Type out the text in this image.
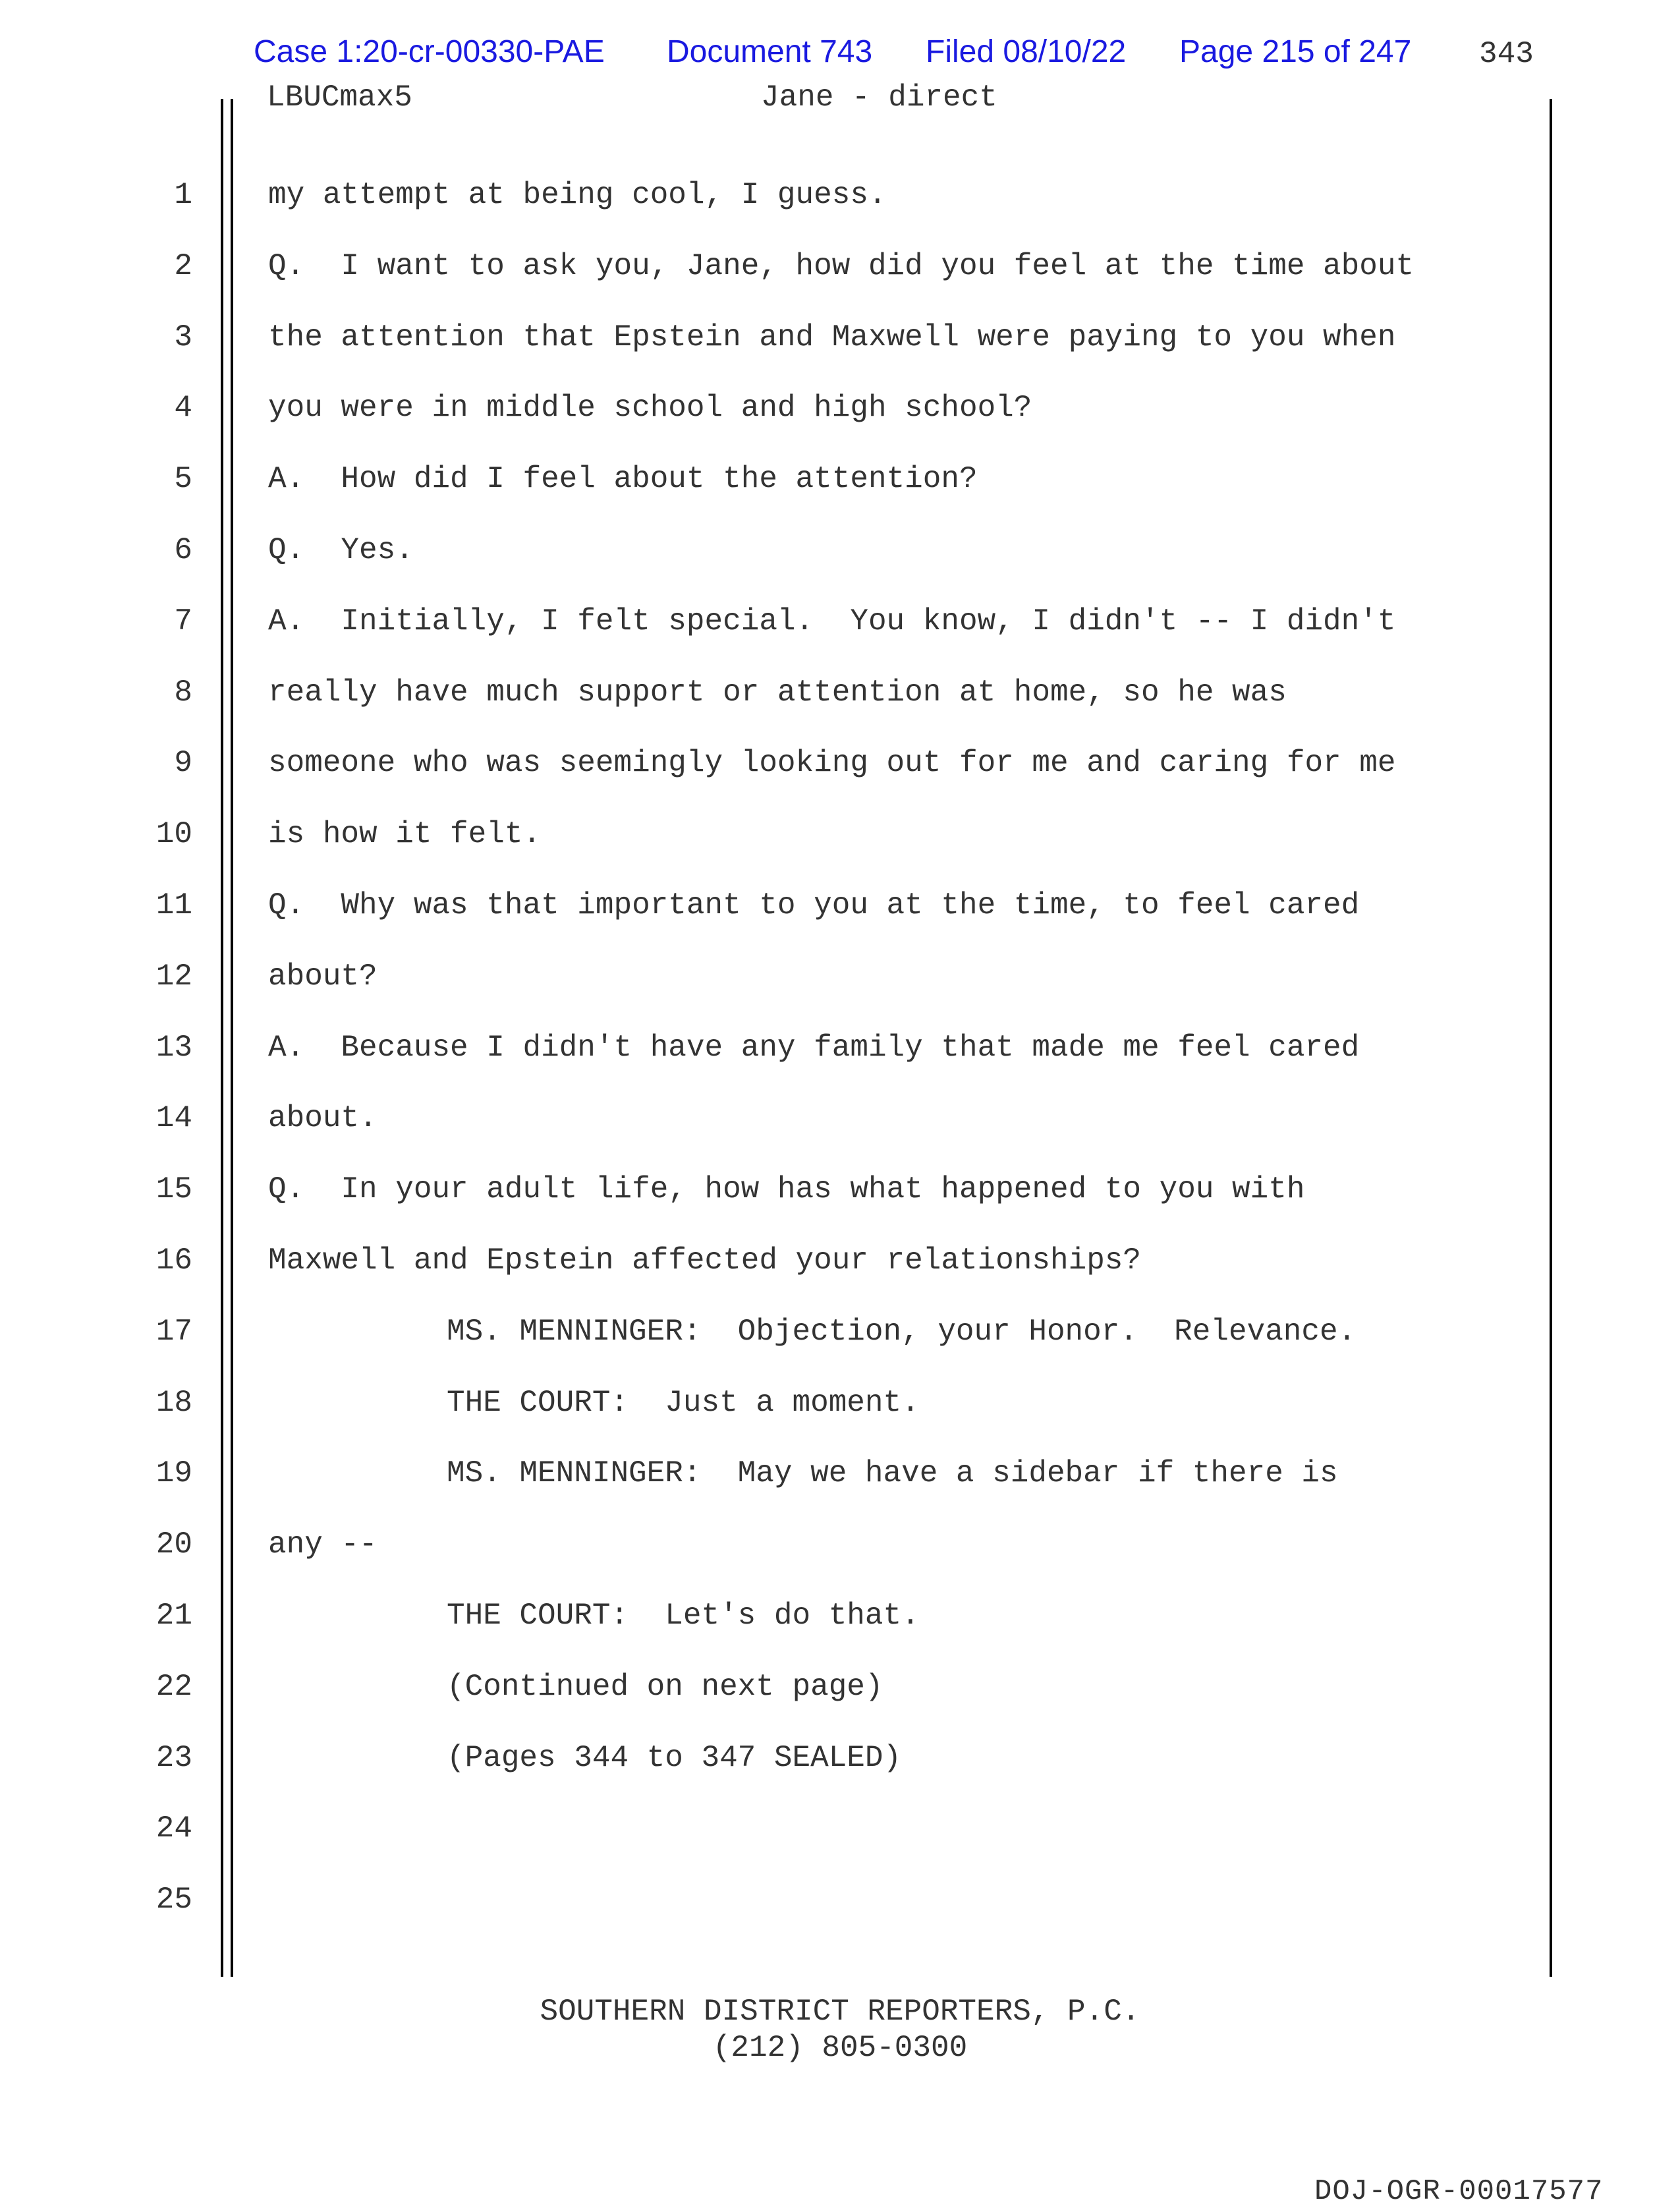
Case 1:20-cr-00330-PAE Document 743 Filed 08/10/22 Page 215 of 247 343
LBUCmax5	Jane - direct
1	my attempt at being cool, I guess.
2	Q.  I want to ask you, Jane, how did you feel at the time about
3	the attention that Epstein and Maxwell were paying to you when
4	you were in middle school and high school?
5	A.  How did I feel about the attention?
6	Q.  Yes.
7	A.  Initially, I felt special.  You know, I didn't -- I didn't
8	really have much support or attention at home, so he was
9	someone who was seemingly looking out for me and caring for me
10	is how it felt.
11	Q.  Why was that important to you at the time, to feel cared
12	about?
13	A.  Because I didn't have any family that made me feel cared
14	about.
15	Q.  In your adult life, how has what happened to you with
16	Maxwell and Epstein affected your relationships?
17	MS. MENNINGER:  Objection, your Honor.  Relevance.
18	THE COURT:  Just a moment.
19	MS. MENNINGER:  May we have a sidebar if there is
20	any --
21	THE COURT:  Let's do that.
22	(Continued on next page)
23	(Pages 344 to 347 SEALED)
24
25
SOUTHERN DISTRICT REPORTERS, P.C.
(212) 805-0300
DOJ-OGR-00017577
